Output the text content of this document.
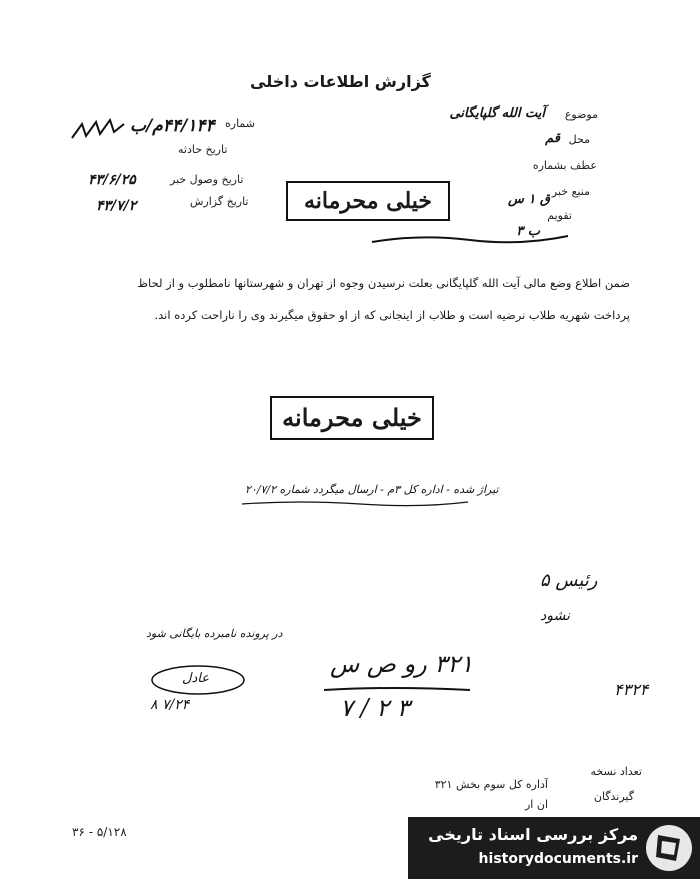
گزارش اطلاعات داخلی
موضوع
آیت الله گلپایگانی
محل
قم
عطف بشماره
منبع خبر
ق ۱ س
تقویم
ب ۳
شماره
۴۴/۱۴۴م/ب
تاریخ حادثه
تاریخ وصول خبر
۴۳/۶/۲۵
تاریخ گزارش
۴۳/۷/۲	خیلی محرمانه
ضمن اطلاع وضع مالی آیت الله گلپایگانی بعلت نرسیدن وجوه از تهران و شهرستانها نامطلوب و از لحاظ
پرداخت شهریه طلاب نرضیه است و طلاب از اینجانی که از او حقوق میگیرند وی را ناراحت کرده اند.
خیلی محرمانه
تیراژ شده - اداره کل ۳م - ارسال میگردد شماره ۲۰/۷/۲
رئیس ۵
نشود
در پرونده نامبرده بایگانی شود
عادل
۷/۲۴ ۸
۳۲۱ رو ص س
۳ ۲ / ۷
۴۳۲۴
تعداد نسخه
گیرندگان
آداره کل سوم بخش ۳۲۱
ان ار
۵/۱۲۸ - ۳۶	مرکز بررسی اسناد تاریخی
historydocuments.ir
